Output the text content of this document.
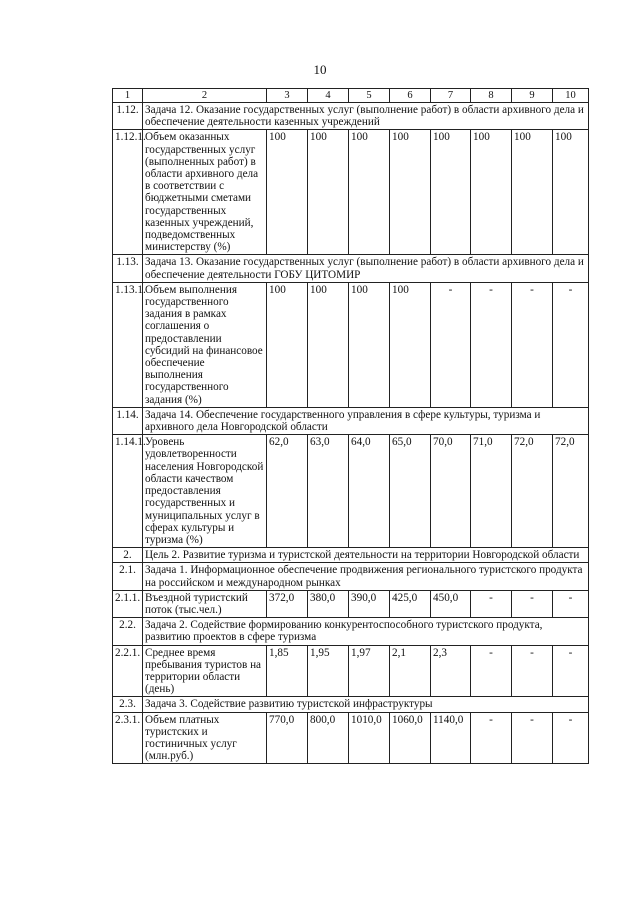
10
1	2	3	4	5	6	7	8	9	10
1.12.	Задача 12. Оказание государственных услуг (выполнение работ) в области архивного дела и обеспечение деятельности казенных учреждений								
1.12.1.	Объем оказанных государственных услуг (выполненных работ) в области архивного дела в соответствии с бюджетными сметами государственных казенных учреждений, подведомственных министерству (%)	100	100	100	100	100	100	100	100
1.13.	Задача 13. Оказание государственных услуг (выполнение работ) в области архивного дела и обеспечение деятельности ГОБУ ЦИТОМИР								
1.13.1.	Объем выполнения государственного задания в рамках соглашения о предоставлении субсидий на финансовое обеспечение выполнения государственного задания (%)	100	100	100	100	-	-	-	-
1.14.	Задача 14. Обеспечение государственного управления в сфере культуры, туризма и архивного дела Новгородской области								
1.14.1.	Уровень удовлетворенности населения Новгородской области качеством предоставления государственных и муниципальных услуг в сферах культуры и туризма (%)	62,0	63,0	64,0	65,0	70,0	71,0	72,0	72,0
2.	Цель 2. Развитие туризма и туристской деятельности на территории Новгородской области								
2.1.	Задача 1. Информационное обеспечение продвижения регионального туристского продукта на российском и международном рынках								
2.1.1.	Въездной туристский поток (тыс.чел.)	372,0	380,0	390,0	425,0	450,0	-	-	-
2.2.	Задача 2. Содействие формированию конкурентоспособного туристского продукта, развитию проектов в сфере туризма								
2.2.1.	Среднее время пребывания туристов на территории области (день)	1,85	1,95	1,97	2,1	2,3	-	-	-
2.3.	Задача 3. Содействие развитию туристской инфраструктуры								
2.3.1.	Объем платных туристских и гостиничных услуг (млн.руб.)	770,0	800,0	1010,0	1060,0	1140,0	-	-	-
